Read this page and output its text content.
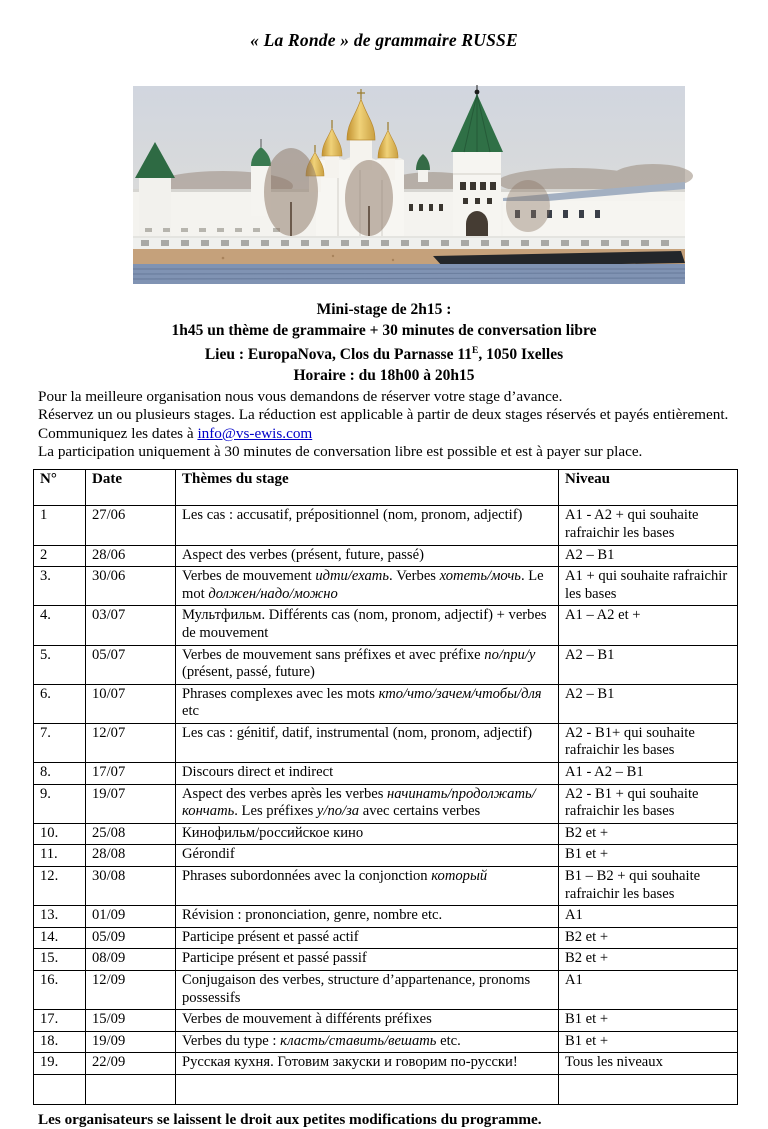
« La Ronde » de grammaire RUSSE
Mini-stage de 2h15 :
1h45 un thème de grammaire + 30 minutes de conversation libre
Lieu : EuropaNova, Clos du Parnasse $11^E$, 1050 Ixelles
Horaire : du 18h00 à 20h15
Pour la meilleure organisation nous vous demandons de réserver votre stage d’avance.
Réservez un ou plusieurs stages. La réduction est applicable à partir de deux stages réservés et payés entièrement. Communiquez les dates à info@vs-ewis.com
La participation uniquement à 30 minutes de conversation libre est possible et est à payer sur place.
N°	Date	Thèmes du stage	Niveau
1	27/06	Les cas : accusatif, prépositionnel (nom, pronom, adjectif)	A1 - A2 + qui souhaite rafraichir les bases
2	28/06	Aspect des verbes (présent, future, passé)	A2 – B1
3.	30/06	Verbes de mouvement идти/ехать. Verbes хотеть/мочь. Le mot должен/надо/можно	A1 + qui souhaite rafraichir les bases
4.	03/07	Мультфильм. Différents cas (nom, pronom, adjectif) + verbes de mouvement	A1 – A2 et +
5.	05/07	Verbes de mouvement sans préfixes et avec préfixe по/при/у (présent, passé, future)	A2 – B1
6.	10/07	Phrases complexes avec les mots кто/что/зачем/чтобы/для etc	A2 – B1
7.	12/07	Les cas : génitif, datif, instrumental (nom, pronom, adjectif)	A2 - B1+ qui souhaite rafraichir les bases
8.	17/07	Discours direct et indirect	A1 - A2 – B1
9.	19/07	Aspect des verbes après les verbes начинать/продолжать/кончать. Les préfixes у/по/за avec certains verbes	A2 - B1 + qui souhaite rafraichir les bases
10.	25/08	Кинофильм/российское кино	B2 et +
11.	28/08	Gérondif	B1 et +
12.	30/08	Phrases subordonnées avec la conjonction который	B1 – B2 + qui souhaite rafraichir les bases
13.	01/09	Révision : prononciation, genre, nombre etc.	A1
14.	05/09	Participe présent et passé actif	B2 et +
15.	08/09	Participe présent et passé passif	B2 et +
16.	12/09	Conjugaison des verbes, structure d’appartenance, pronoms possessifs	A1
17.	15/09	Verbes de mouvement à différents préfixes	B1 et +
18.	19/09	Verbes du type : класть/ставить/вешать etc.	B1 et +
19.	22/09	Русская кухня. Готовим закуски и говорим по-русски!	Tous les niveaux

Les organisateurs se laissent le droit aux petites modifications du programme.
